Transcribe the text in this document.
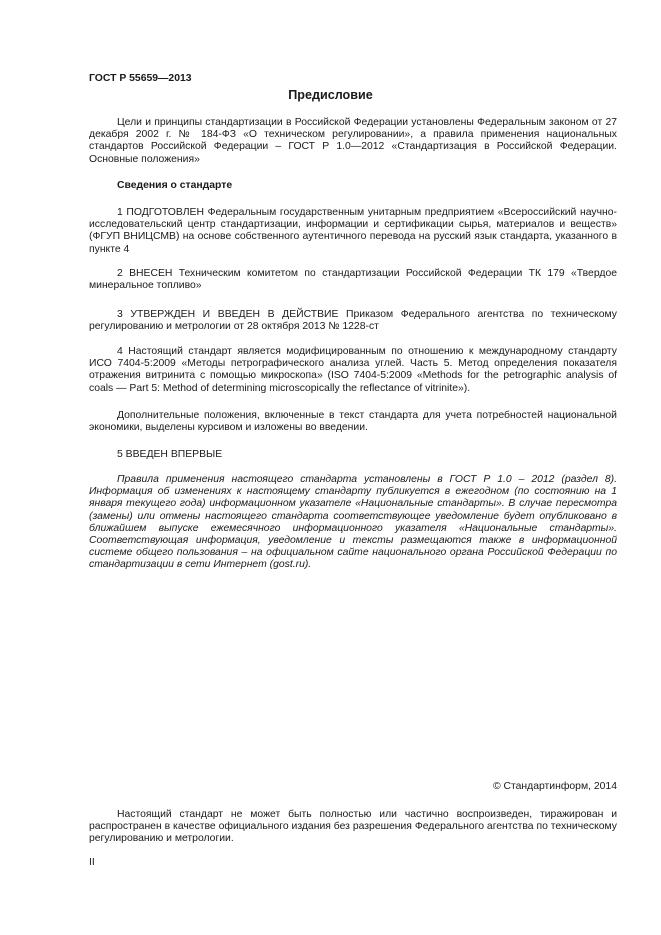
ГОСТ Р 55659—2013
Предисловие
Цели и принципы стандартизации в Российской Федерации установлены Федеральным законом от 27 декабря 2002 г. № 184-ФЗ «О техническом регулировании», а правила применения национальных стандартов Российской Федерации – ГОСТ Р 1.0—2012 «Стандартизация в Российской Федерации. Основные положения»
Сведения о стандарте
1 ПОДГОТОВЛЕН Федеральным государственным унитарным предприятием «Всероссийский научно-исследовательский центр стандартизации, информации и сертификации сырья, материалов и веществ» (ФГУП ВНИЦСМВ) на основе собственного аутентичного перевода на русский язык стандарта, указанного в пункте 4
2 ВНЕСЕН Техническим комитетом по стандартизации Российской Федерации ТК 179 «Твердое минеральное топливо»
3 УТВЕРЖДЕН И ВВЕДЕН В ДЕЙСТВИЕ Приказом Федерального агентства по техническому регулированию и метрологии от 28 октября 2013 № 1228-ст
4 Настоящий стандарт является модифицированным по отношению к международному стандарту ИСО 7404-5:2009 «Методы петрографического анализа углей. Часть 5. Метод определения показателя отражения витринита с помощью микроскопа» (ISO 7404-5:2009 «Methods for the petrographic analysis of coals — Part 5: Method of determining microscopically the reflectance of vitrinite»).
Дополнительные положения, включенные в текст стандарта для учета потребностей национальной экономики, выделены курсивом и изложены во введении.
5 ВВЕДЕН ВПЕРВЫЕ
Правила применения настоящего стандарта установлены в ГОСТ Р 1.0 – 2012 (раздел 8). Информация об изменениях к настоящему стандарту публикуется в ежегодном (по состоянию на 1 января текущего года) информационном указателе «Национальные стандарты». В случае пересмотра (замены) или отмены настоящего стандарта соответствующее уведомление будет опубликовано в ближайшем выпуске ежемесячного информационного указателя «Национальные стандарты». Соответствующая информация, уведомление и тексты размещаются также в информационной системе общего пользования – на официальном сайте национального органа Российской Федерации по стандартизации в сети Интернет (gost.ru).
© Стандартинформ, 2014
Настоящий стандарт не может быть полностью или частично воспроизведен, тиражирован и распространен в качестве официального издания без разрешения Федерального агентства по техническому регулированию и метрологии.
II
